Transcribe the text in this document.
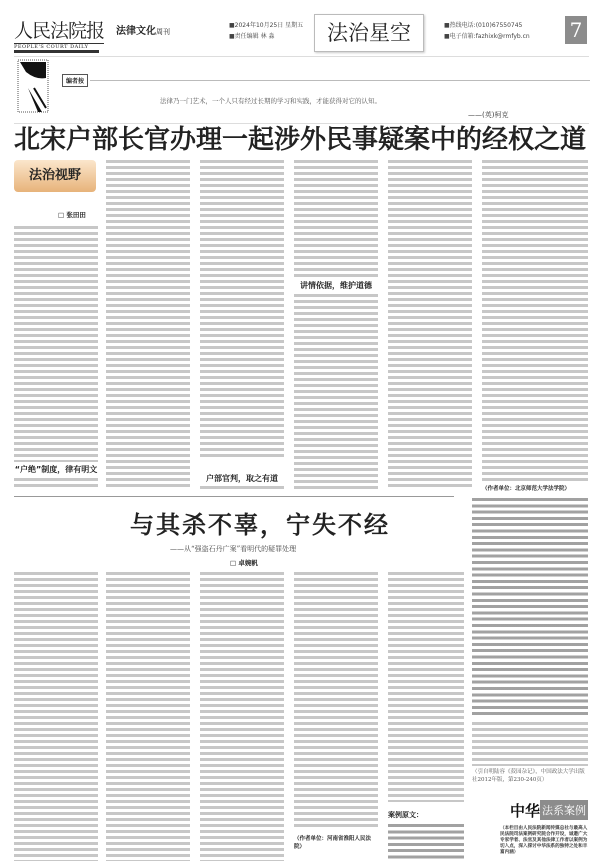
人民法院报
PEOPLE'S COURT DAILY
法律文化周刊
■2024年10月25日 星期五
■责任编辑 林 淼	法治星空	■热线电话:(010)67550745
■电子信箱:fazhixk@rmfyb.cn 7
编者按
法律乃一门艺术，一个人只有经过长期的学习和实践，才能获得对它的认知。
——(英)柯克
北宋户部长官办理一起涉外民事疑案中的经权之道
法治视野
□ 张田田
“户绝”制度，律有明文
户部官判，取之有道
讲情依据，维护道德
（作者单位：北京师范大学法学院）
与其杀不辜，宁失不经
——从“强盗石丹广案”看明代的疑罪处理
□ 卓婉帆
（作者单位：河南省淮阳人民法院）
案例原文：
（引自明陆容《菽园杂记》，中国政法大学出版社2012年版，第230-240页）
中华 法系案例
（本栏目由人民法院新闻传媒总社与最高人民法院司法案例研究院合作开设，诚邀广大专家学者、法官及其他法律工作者以案例为切入点，深入探讨中华法系的独特之处和丰富内涵）
